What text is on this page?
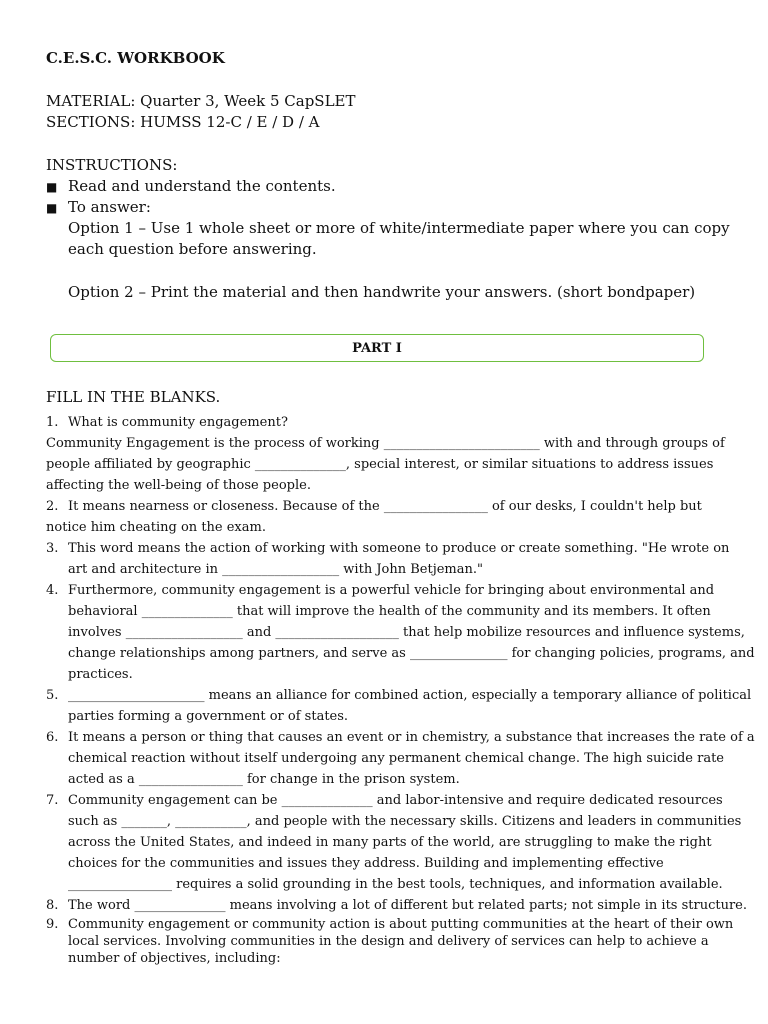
C.E.S.C. WORKBOOK
MATERIAL: Quarter 3, Week 5 CapSLET
SECTIONS: HUMSS 12-C / E / D / A
INSTRUCTIONS:
■ Read and understand the contents.
■ To answer:
Option 1 – Use 1 whole sheet or more of white/intermediate paper where you can copy
each question before answering.
Option 2 – Print the material and then handwrite your answers. (short bondpaper)
PART I
FILL IN THE BLANKS.
1. What is community engagement?
Community Engagement is the process of working ________________________ with and through groups of
people affiliated by geographic ______________, special interest, or similar situations to address issues
affecting the well-being of those people.
2. It means nearness or closeness. Because of the ________________ of our desks, I couldn't help but
notice him cheating on the exam.
3. This word means the action of working with someone to produce or create something. "He wrote on
art and architecture in __________________ with John Betjeman."
4. Furthermore, community engagement is a powerful vehicle for bringing about environmental and
behavioral ______________ that will improve the health of the community and its members. It often
involves __________________ and ___________________ that help mobilize resources and influence systems,
change relationships among partners, and serve as _______________ for changing policies, programs, and
practices.
5. _____________________ means an alliance for combined action, especially a temporary alliance of political
parties forming a government or of states.
6. It means a person or thing that causes an event or in chemistry, a substance that increases the rate of a
chemical reaction without itself undergoing any permanent chemical change. The high suicide rate
acted as a ________________ for change in the prison system.
7. Community engagement can be ______________ and labor-intensive and require dedicated resources
such as _______, ___________, and people with the necessary skills. Citizens and leaders in communities
across the United States, and indeed in many parts of the world, are struggling to make the right
choices for the communities and issues they address. Building and implementing effective
________________ requires a solid grounding in the best tools, techniques, and information available.
8. The word ______________ means involving a lot of different but related parts; not simple in its structure.
9. Community engagement or community action is about putting communities at the heart of their own
local services. Involving communities in the design and delivery of services can help to achieve a
number of objectives, including:
